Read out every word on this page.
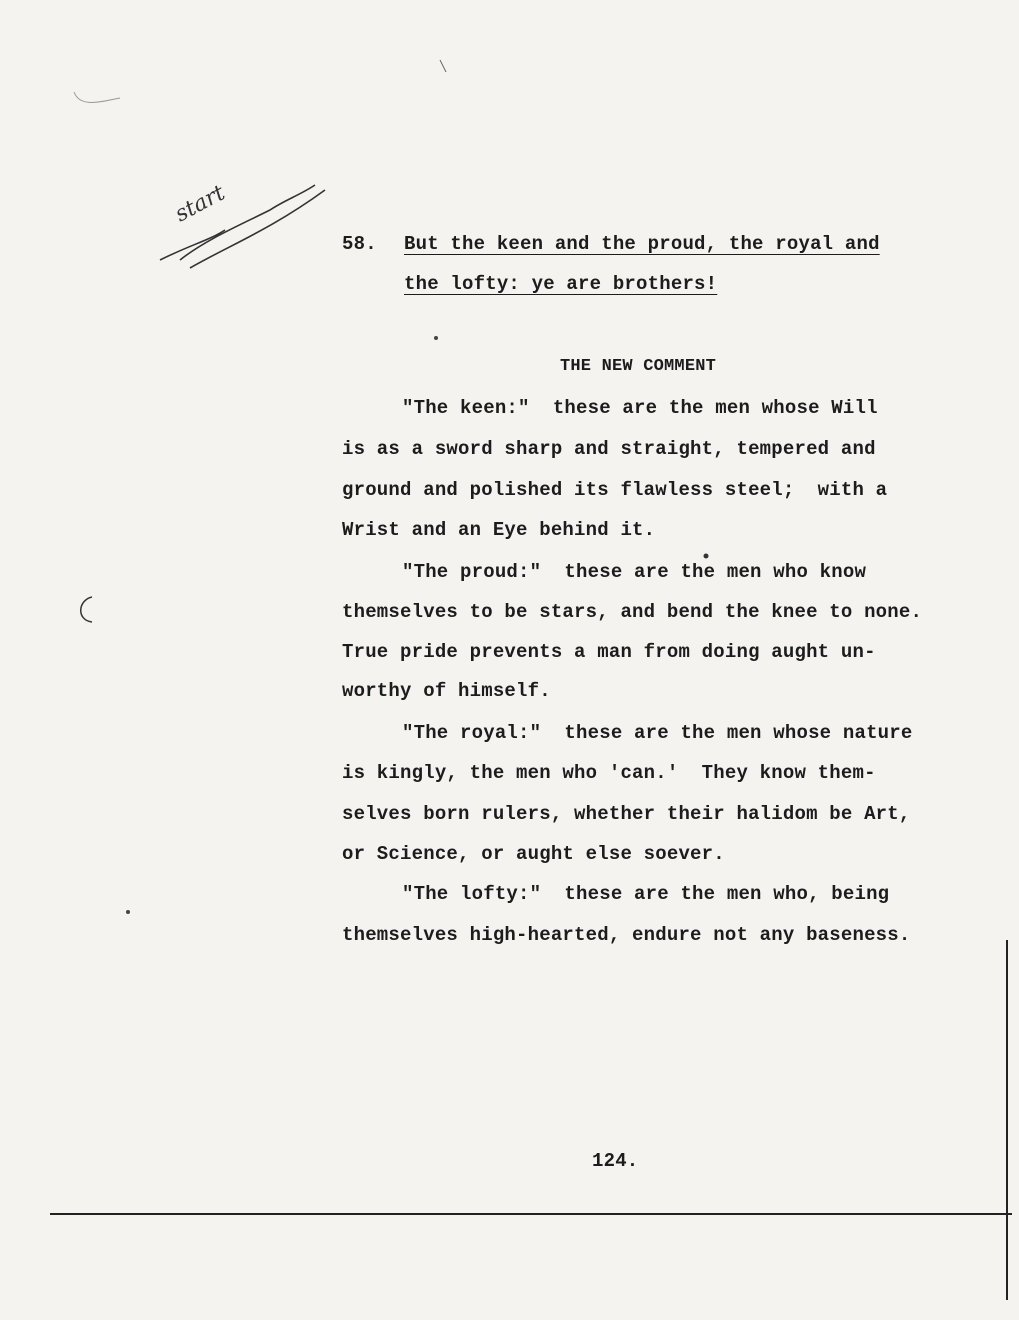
start
58. But the keen and the proud, the royal and
the lofty: ye are brothers!
THE NEW COMMENT
"The keen:"  these are the men whose Will
is as a sword sharp and straight, tempered and
ground and polished its flawless steel;  with a
Wrist and an Eye behind it.
"The proud:"  these are the men who know
themselves to be stars, and bend the knee to none.
True pride prevents a man from doing aught un-
worthy of himself.
"The royal:"  these are the men whose nature
is kingly, the men who 'can.'  They know them-
selves born rulers, whether their halidom be Art,
or Science, or aught else soever.
"The lofty:"  these are the men who, being
themselves high-hearted, endure not any baseness.
124.
